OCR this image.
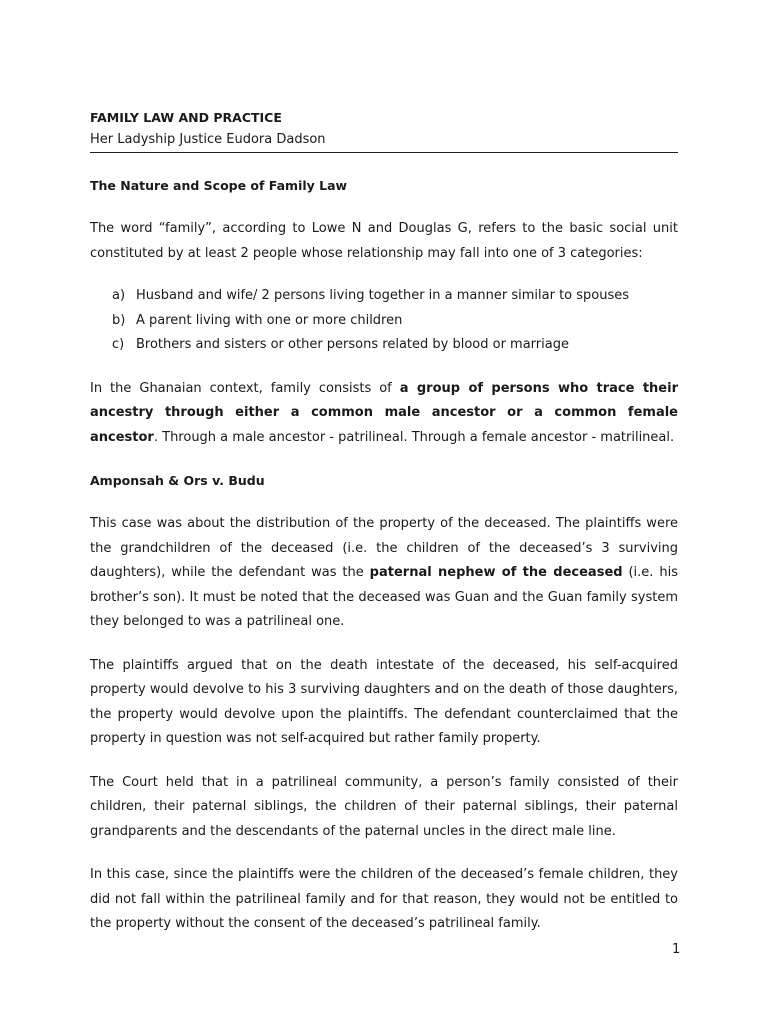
FAMILY LAW AND PRACTICE

Her Ladyship Justice Eudora Dadson

The Nature and Scope of Family Law

The word “family”, according to Lowe N and Douglas G, refers to the basic social unit constituted by at least 2 people whose relationship may fall into one of 3 categories:

a) Husband and wife/ 2 persons living together in a manner similar to spouses
b) A parent living with one or more children
c) Brothers and sisters or other persons related by blood or marriage

In the Ghanaian context, family consists of a group of persons who trace their ancestry through either a common male ancestor or a common female ancestor. Through a male ancestor - patrilineal. Through a female ancestor - matrilineal.

Amponsah & Ors v. Budu

This case was about the distribution of the property of the deceased. The plaintiffs were the grandchildren of the deceased (i.e. the children of the deceased’s 3 surviving daughters), while the defendant was the paternal nephew of the deceased (i.e. his brother’s son). It must be noted that the deceased was Guan and the Guan family system they belonged to was a patrilineal one.

The plaintiffs argued that on the death intestate of the deceased, his self-acquired property would devolve to his 3 surviving daughters and on the death of those daughters, the property would devolve upon the plaintiffs. The defendant counterclaimed that the property in question was not self-acquired but rather family property.

The Court held that in a patrilineal community, a person’s family consisted of their children, their paternal siblings, the children of their paternal siblings, their paternal grandparents and the descendants of the paternal uncles in the direct male line.

In this case, since the plaintiffs were the children of the deceased’s female children, they did not fall within the patrilineal family and for that reason, they would not be entitled to the property without the consent of the deceased’s patrilineal family.

1
